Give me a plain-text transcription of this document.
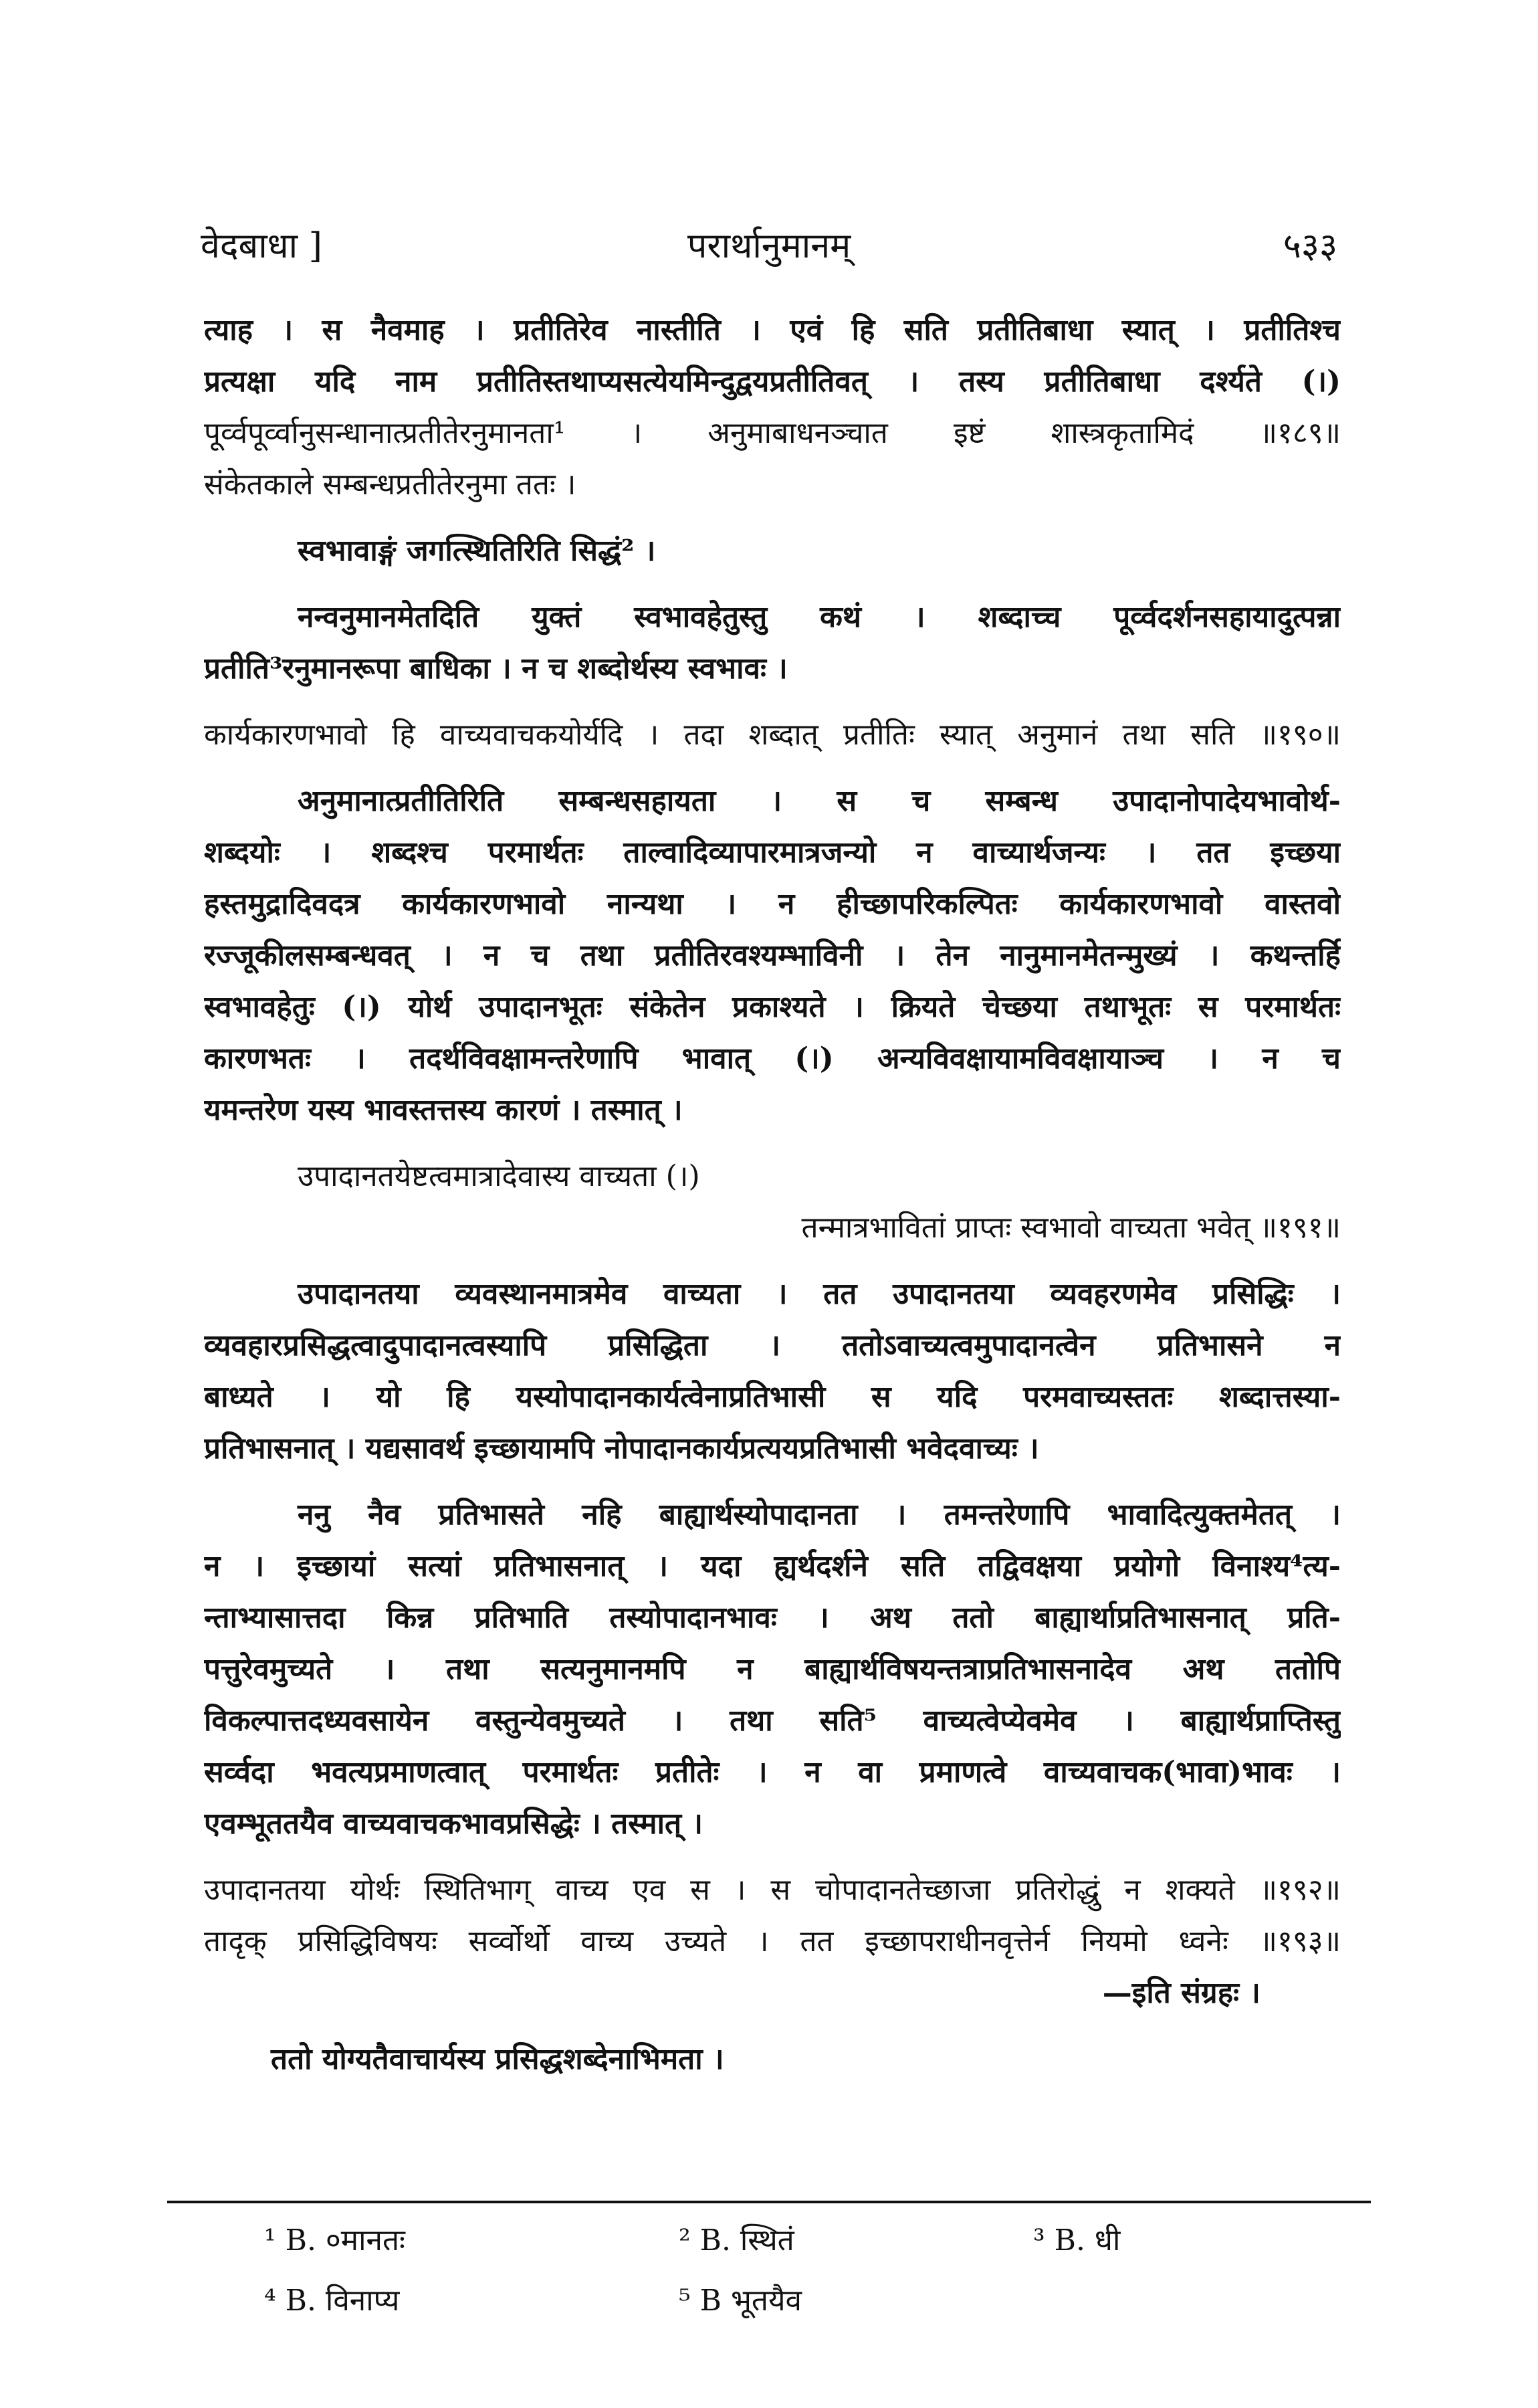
वेदबाधा ]	परार्थानुमानम्	५३३
त्याह । स नैवमाह । प्रतीतिरेव नास्तीति । एवं हि सति प्रतीतिबाधा स्यात् । प्रतीतिश्च
प्रत्यक्षा यदि नाम प्रतीतिस्तथाप्यसत्येयमिन्दुद्वयप्रतीतिवत् । तस्य प्रतीतिबाधा दर्श्यते (।)
पूर्व्वपूर्व्वानुसन्धानात्प्रतीतेरनुमानता¹ । अनुमाबाधनञ्चात इष्टं शास्त्रकृतामिदं ॥१८९॥
संकेतकाले सम्बन्धप्रतीतेरनुमा ततः ।
स्वभावाङ्गं जगत्स्थितिरिति सिद्धं² ।
नन्वनुमानमेतदिति युक्तं स्वभावहेतुस्तु कथं । शब्दाच्च पूर्व्वदर्शनसहायादुत्पन्ना
प्रतीति³रनुमानरूपा बाधिका । न च शब्दोर्थस्य स्वभावः ।
कार्यकारणभावो हि वाच्यवाचकयोर्यदि । तदा शब्दात् प्रतीतिः स्यात् अनुमानं तथा सति ॥१९०॥
अनुमानात्प्रतीतिरिति सम्बन्धसहायता । स च सम्बन्ध उपादानोपादेयभावोर्थ-
शब्दयोः । शब्दश्च परमार्थतः ताल्वादिव्यापारमात्रजन्यो न वाच्यार्थजन्यः । तत इच्छया
हस्तमुद्रादिवदत्र कार्यकारणभावो नान्यथा । न हीच्छापरिकल्पितः कार्यकारणभावो वास्तवो
रज्जूकीलसम्बन्धवत् । न च तथा प्रतीतिरवश्यम्भाविनी । तेन नानुमानमेतन्मुख्यं । कथन्तर्हि
स्वभावहेतुः (।) योर्थ उपादानभूतः संकेतेन प्रकाश्यते । क्रियते चेच्छया तथाभूतः स परमार्थतः
कारणभतः । तदर्थविवक्षामन्तरेणापि भावात् (।) अन्यविवक्षायामविवक्षायाञ्च । न च
यमन्तरेण यस्य भावस्तत्तस्य कारणं । तस्मात् ।
उपादानतयेष्टत्वमात्रादेवास्य वाच्यता (।)
तन्मात्रभावितां प्राप्तः स्वभावो वाच्यता भवेत् ॥१९१॥
उपादानतया व्यवस्थानमात्रमेव वाच्यता । तत उपादानतया व्यवहरणमेव प्रसिद्धिः ।
व्यवहारप्रसिद्धत्वादुपादानत्वस्यापि प्रसिद्धिता । ततोऽवाच्यत्वमुपादानत्वेन प्रतिभासने न
बाध्यते । यो हि यस्योपादानकार्यत्वेनाप्रतिभासी स यदि परमवाच्यस्ततः शब्दात्तस्या-
प्रतिभासनात् । यद्यसावर्थ इच्छायामपि नोपादानकार्यप्रत्ययप्रतिभासी भवेदवाच्यः ।
ननु नैव प्रतिभासते नहि बाह्यार्थस्योपादानता । तमन्तरेणापि भावादित्युक्तमेतत् ।
न । इच्छायां सत्यां प्रतिभासनात् । यदा ह्यर्थदर्शने सति तद्विवक्षया प्रयोगो विनाश्य⁴त्य-
न्ताभ्यासात्तदा किन्न प्रतिभाति तस्योपादानभावः । अथ ततो बाह्यार्थाप्रतिभासनात् प्रति-
पत्तुरेवमुच्यते । तथा सत्यनुमानमपि न बाह्यार्थविषयन्तत्राप्रतिभासनादेव अथ ततोपि
विकल्पात्तदध्यवसायेन वस्तुन्येवमुच्यते । तथा सति⁵ वाच्यत्वेप्येवमेव । बाह्यार्थप्राप्तिस्तु
सर्व्वदा भवत्यप्रमाणत्वात् परमार्थतः प्रतीतेः । न वा प्रमाणत्वे वाच्यवाचक(भावा)भावः ।
एवम्भूततयैव वाच्यवाचकभावप्रसिद्धेः । तस्मात् ।
उपादानतया योर्थः स्थितिभाग् वाच्य एव स । स चोपादानतेच्छाजा प्रतिरोद्धुं न शक्यते ॥१९२॥
तादृक् प्रसिद्धिविषयः सर्व्वोर्थो वाच्य उच्यते । तत इच्छापराधीनवृत्तेर्न नियमो ध्वनेः ॥१९३॥
—इति संग्रहः ।
ततो योग्यतैवाचार्यस्य प्रसिद्धशब्देनाभिमता ।
¹ B. ०मानतः	² B. स्थितं	³ B. धी
⁴ B. विनाप्य	⁵ B भूतयैव
